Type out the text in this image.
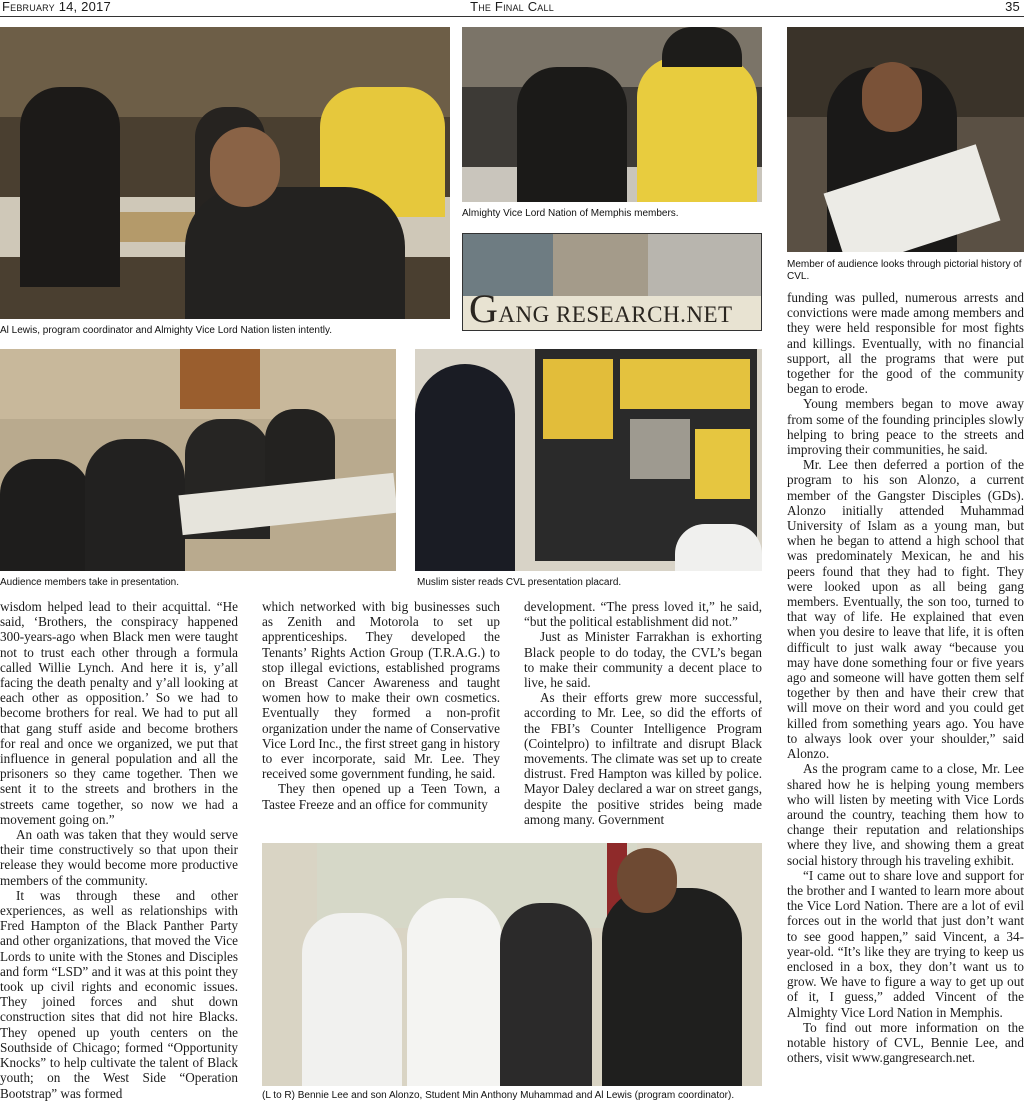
February 14, 2017	The Final Call	35
Al Lewis, program coordinator and Almighty Vice Lord Nation listen intently.
Almighty Vice Lord Nation of Memphis members.
GANG RESEARCH.NET
Member of audience looks through pictorial history of CVL.
Audience members take in presentation.	Muslim sister reads CVL presentation placard.

wisdom helped lead to their acquittal. “He said, ‘Brothers, the conspiracy happened 300-years-ago when Black men were taught not to trust each other through a formula called Willie Lynch. And here it is, y’all facing the death penalty and y’all looking at each other as opposition.’ So we had to become brothers for real. We had to put all that gang stuff aside and become brothers for real and once we organized, we put that influence in general population and all the prisoners so they came together. Then we sent it to the streets and brothers in the streets came together, so now we had a movement going on.”

An oath was taken that they would serve their time constructively so that upon their release they would become more productive members of the community.

It was through these and other experiences, as well as relationships with Fred Hampton of the Black Panther Party and other organizations, that moved the Vice Lords to unite with the Stones and Disciples and form “LSD” and it was at this point they took up civil rights and economic issues. They joined forces and shut down construction sites that did not hire Blacks. They opened up youth centers on the Southside of Chicago; formed “Opportunity Knocks” to help cultivate the talent of Black youth; on the West Side “Operation Bootstrap” was formed

which networked with big businesses such as Zenith and Motorola to set up apprenticeships. They developed the Tenants’ Rights Action Group (T.R.A.G.) to stop illegal evictions, established programs on Breast Cancer Awareness and taught women how to make their own cosmetics. Eventually they formed a non-profit organization under the name of Conservative Vice Lord Inc., the first street gang in history to ever incorporate, said Mr. Lee. They received some government funding, he said.

They then opened up a Teen Town, a Tastee Freeze and an office for community

development. “The press loved it,” he said, “but the political establishment did not.”

Just as Minister Farrakhan is exhorting Black people to do today, the CVL’s began to make their community a decent place to live, he said.

As their efforts grew more successful, according to Mr. Lee, so did the efforts of the FBI’s Counter Intelligence Program (Cointelpro) to infiltrate and disrupt Black movements. The climate was set up to create distrust. Fred Hampton was killed by police. Mayor Daley declared a war on street gangs, despite the positive strides being made among many. Government

funding was pulled, numerous arrests and convictions were made among members and they were held responsible for most fights and killings. Eventually, with no financial support, all the programs that were put together for the good of the community began to erode.

Young members began to move away from some of the founding principles slowly helping to bring peace to the streets and improving their communities, he said.

Mr. Lee then deferred a portion of the program to his son Alonzo, a current member of the Gangster Disciples (GDs). Alonzo initially attended Muhammad University of Islam as a young man, but when he began to attend a high school that was predominately Mexican, he and his peers found that they had to fight. They were looked upon as all being gang members. Eventually, the son too, turned to that way of life. He explained that even when you desire to leave that life, it is often difficult to just walk away “because you may have done something four or five years ago and someone will have gotten them self together by then and have their crew that will move on their word and you could get killed from something years ago. You have to always look over your shoulder,” said Alonzo.

As the program came to a close, Mr. Lee shared how he is helping young members who will listen by meeting with Vice Lords around the country, teaching them how to change their reputation and relationships where they live, and showing them a great social history through his traveling exhibit.

“I came out to share love and support for the brother and I wanted to learn more about the Vice Lord Nation. There are a lot of evil forces out in the world that just don’t want to see good happen,” said Vincent, a 34-year-old. “It’s like they are trying to keep us enclosed in a box, they don’t want us to grow. We have to figure a way to get up out of it, I guess,” added Vincent of the Almighty Vice Lord Nation in Memphis.

To find out more information on the notable history of CVL, Bennie Lee, and others, visit www.gangresearch.net.

(L to R) Bennie Lee and son Alonzo, Student Min Anthony Muhammad and Al Lewis (program coordinator).
